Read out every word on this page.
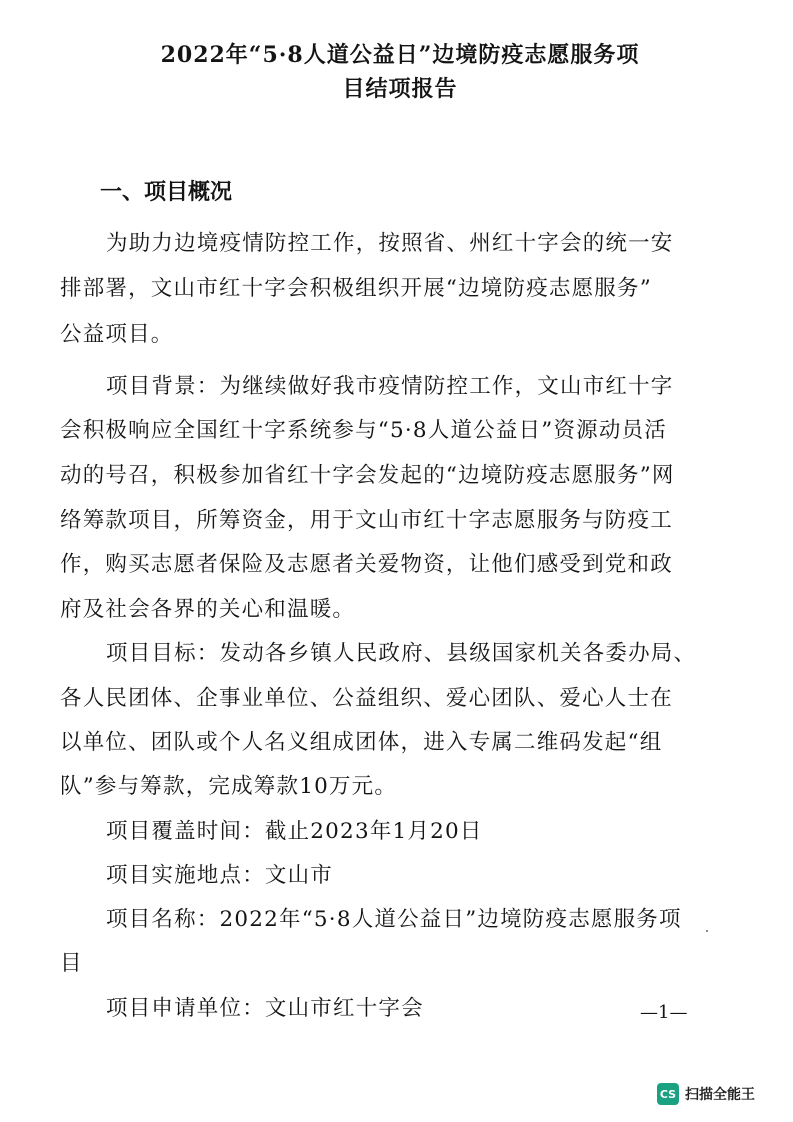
2022年“5·8人道公益日”边境防疫志愿服务项
目结项报告
一、项目概况
为助力边境疫情防控工作，按照省、州红十字会的统一安
排部署，文山市红十字会积极组织开展“边境防疫志愿服务”
公益项目。
项目背景：为继续做好我市疫情防控工作，文山市红十字
会积极响应全国红十字系统参与“5·8人道公益日”资源动员活
动的号召，积极参加省红十字会发起的“边境防疫志愿服务”网
络筹款项目，所筹资金，用于文山市红十字志愿服务与防疫工
作，购买志愿者保险及志愿者关爱物资，让他们感受到党和政
府及社会各界的关心和温暖。
项目目标：发动各乡镇人民政府、县级国家机关各委办局、
各人民团体、企事业单位、公益组织、爱心团队、爱心人士在
以单位、团队或个人名义组成团体，进入专属二维码发起“组
队”参与筹款，完成筹款10万元。
项目覆盖时间：截止2023年1月20日
项目实施地点：文山市
项目名称：2022年“5·8人道公益日”边境防疫志愿服务项
目
项目申请单位：文山市红十字会	—1—
CS 扫描全能王
